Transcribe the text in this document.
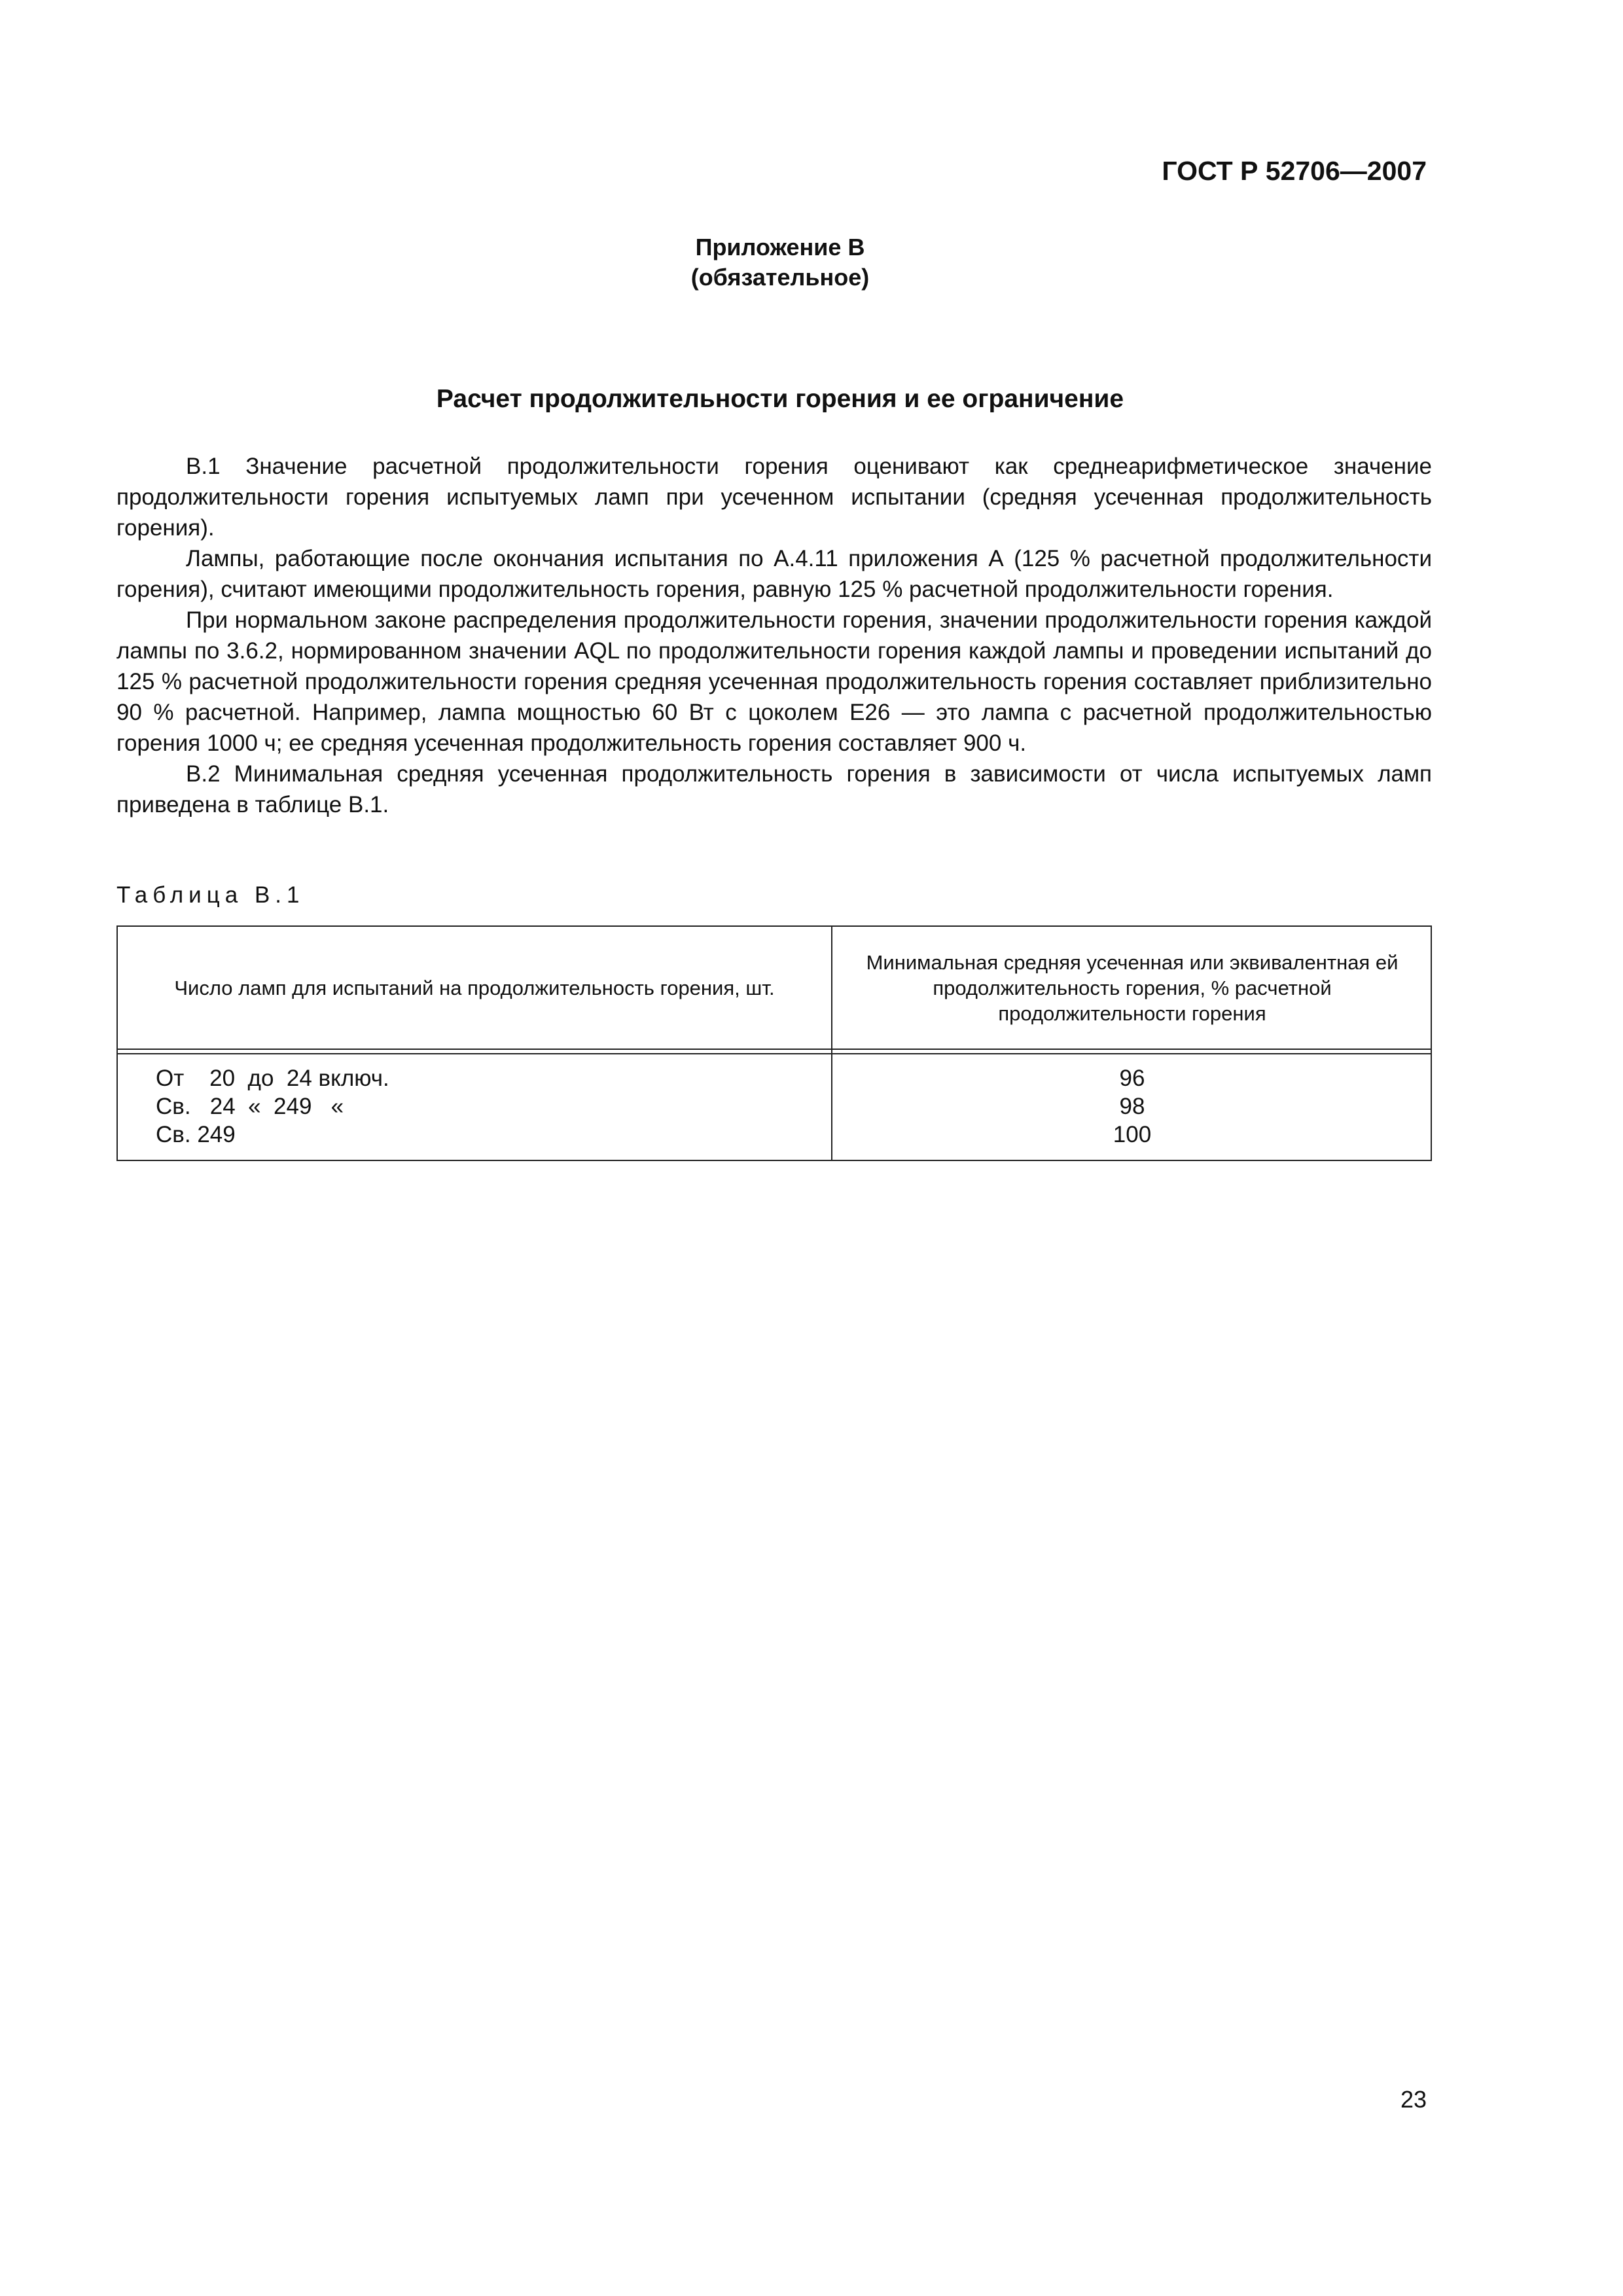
ГОСТ Р 52706—2007
Приложение В
(обязательное)
Расчет продолжительности горения и ее ограничение

В.1 Значение расчетной продолжительности горения оценивают как среднеарифметическое значение продолжительности горения испытуемых ламп при усеченном испытании (средняя усеченная продолжительность горения).

Лампы, работающие после окончания испытания по А.4.11 приложения А (125 % расчетной продолжительности горения), считают имеющими продолжительность горения, равную 125 % расчетной продолжительности горения.

При нормальном законе распределения продолжительности горения, значении продолжительности горения каждой лампы по 3.6.2, нормированном значении AQL по продолжительности горения каждой лампы и проведении испытаний до 125 % расчетной продолжительности горения средняя усеченная продолжительность горения составляет приблизительно 90 % расчетной. Например, лампа мощностью 60 Вт с цоколем Е26 — это лампа с расчетной продолжительностью горения 1000 ч; ее средняя усеченная продолжительность горения составляет 900 ч.

В.2 Минимальная средняя усеченная продолжительность горения в зависимости от числа испытуемых ламп приведена в таблице В.1.

Таблица В.1
Число ламп для испытаний на продолжительность горения, шт.
Минимальная средняя усеченная или эквивалентная ей продолжительность горения, % расчетной продолжительности горения
От    20  до  24 включ.
Св.   24  «  249   «
Св. 249
96
98
100
23
